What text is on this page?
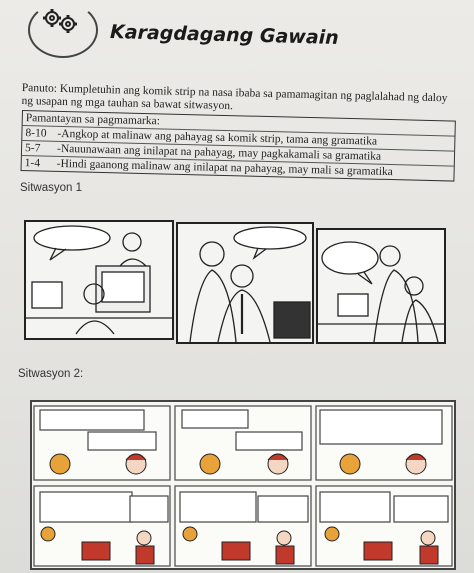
Karagdagang Gawain
Panuto: Kumpletuhin ang komik strip na nasa ibaba sa pamamagitan ng paglalahad ng daloy ng usapan ng mga tauhan sa bawat sitwasyon.
Pamantayan sa pagmamarka:
8-10 -Angkop at malinaw ang pahayag sa komik strip, tama ang gramatika
5-7	-Nauunawaan ang inilapat na pahayag, may pagkakamali sa gramatika
1-4	-Hindi gaanong malinaw ang inilapat na pahayag, may mali sa gramatika
Sitwasyon 1
Sitwasyon 2:
